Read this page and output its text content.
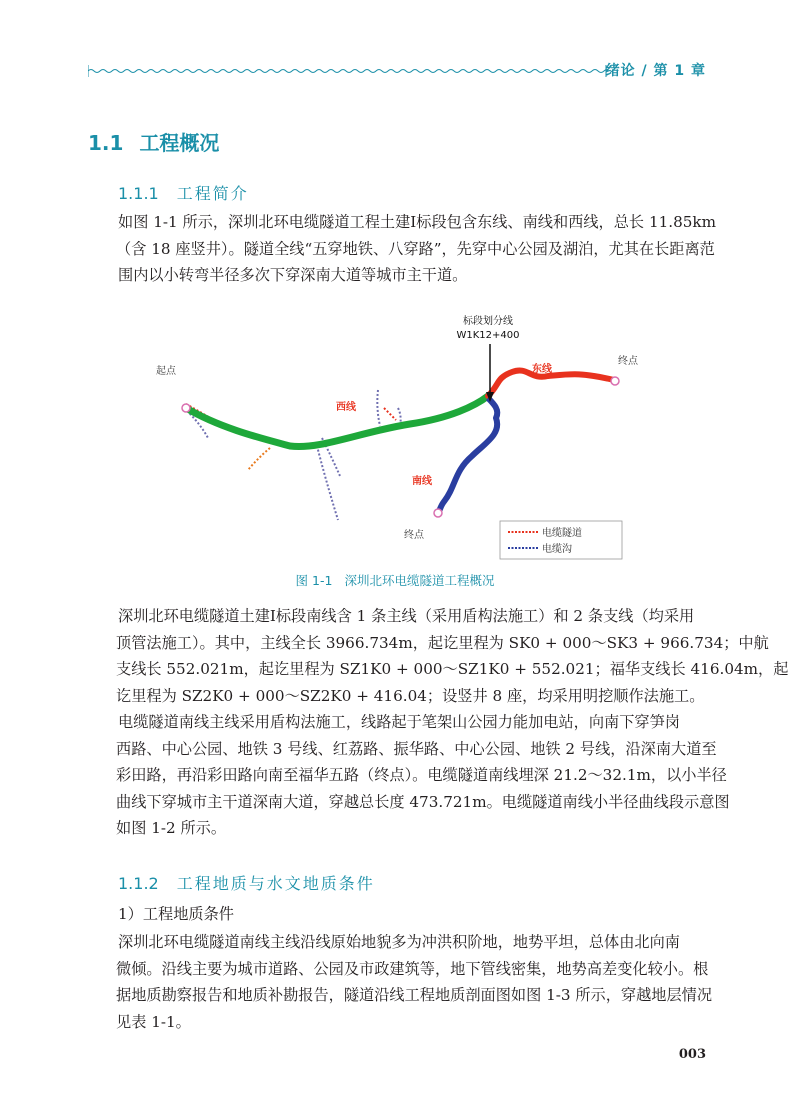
绪论 / 第 1 章
1.1 工程概况
1.1.1 工程简介
如图 1-1 所示，深圳北环电缆隧道工程土建I标段包含东线、南线和西线，总长 11.85km
（含 18 座竖井）。隧道全线“五穿地铁、八穿路”，先穿中心公园及湖泊，尤其在长距离范
围内以小转弯半径多次下穿深南大道等城市主干道。
标段划分线
W1K12+400
起点
终点
终点
西线
东线
南线
电缆隧道
电缆沟
图 1-1 深圳北环电缆隧道工程概况
深圳北环电缆隧道土建I标段南线含 1 条主线（采用盾构法施工）和 2 条支线（均采用
顶管法施工）。其中，主线全长 3966.734m，起讫里程为 SK0 + 000～SK3 + 966.734；中航
支线长 552.021m，起讫里程为 SZ1K0 + 000～SZ1K0 + 552.021；福华支线长 416.04m，起
讫里程为 SZ2K0 + 000～SZ2K0 + 416.04；设竖井 8 座，均采用明挖顺作法施工。
电缆隧道南线主线采用盾构法施工，线路起于笔架山公园力能加电站，向南下穿笋岗
西路、中心公园、地铁 3 号线、红荔路、振华路、中心公园、地铁 2 号线，沿深南大道至
彩田路，再沿彩田路向南至福华五路（终点）。电缆隧道南线埋深 21.2～32.1m，以小半径
曲线下穿城市主干道深南大道，穿越总长度 473.721m。电缆隧道南线小半径曲线段示意图
如图 1-2 所示。
1.1.2 工程地质与水文地质条件
1）工程地质条件
深圳北环电缆隧道南线主线沿线原始地貌多为冲洪积阶地，地势平坦，总体由北向南
微倾。沿线主要为城市道路、公园及市政建筑等，地下管线密集，地势高差变化较小。根
据地质勘察报告和地质补勘报告，隧道沿线工程地质剖面图如图 1-3 所示，穿越地层情况
见表 1-1。
003
